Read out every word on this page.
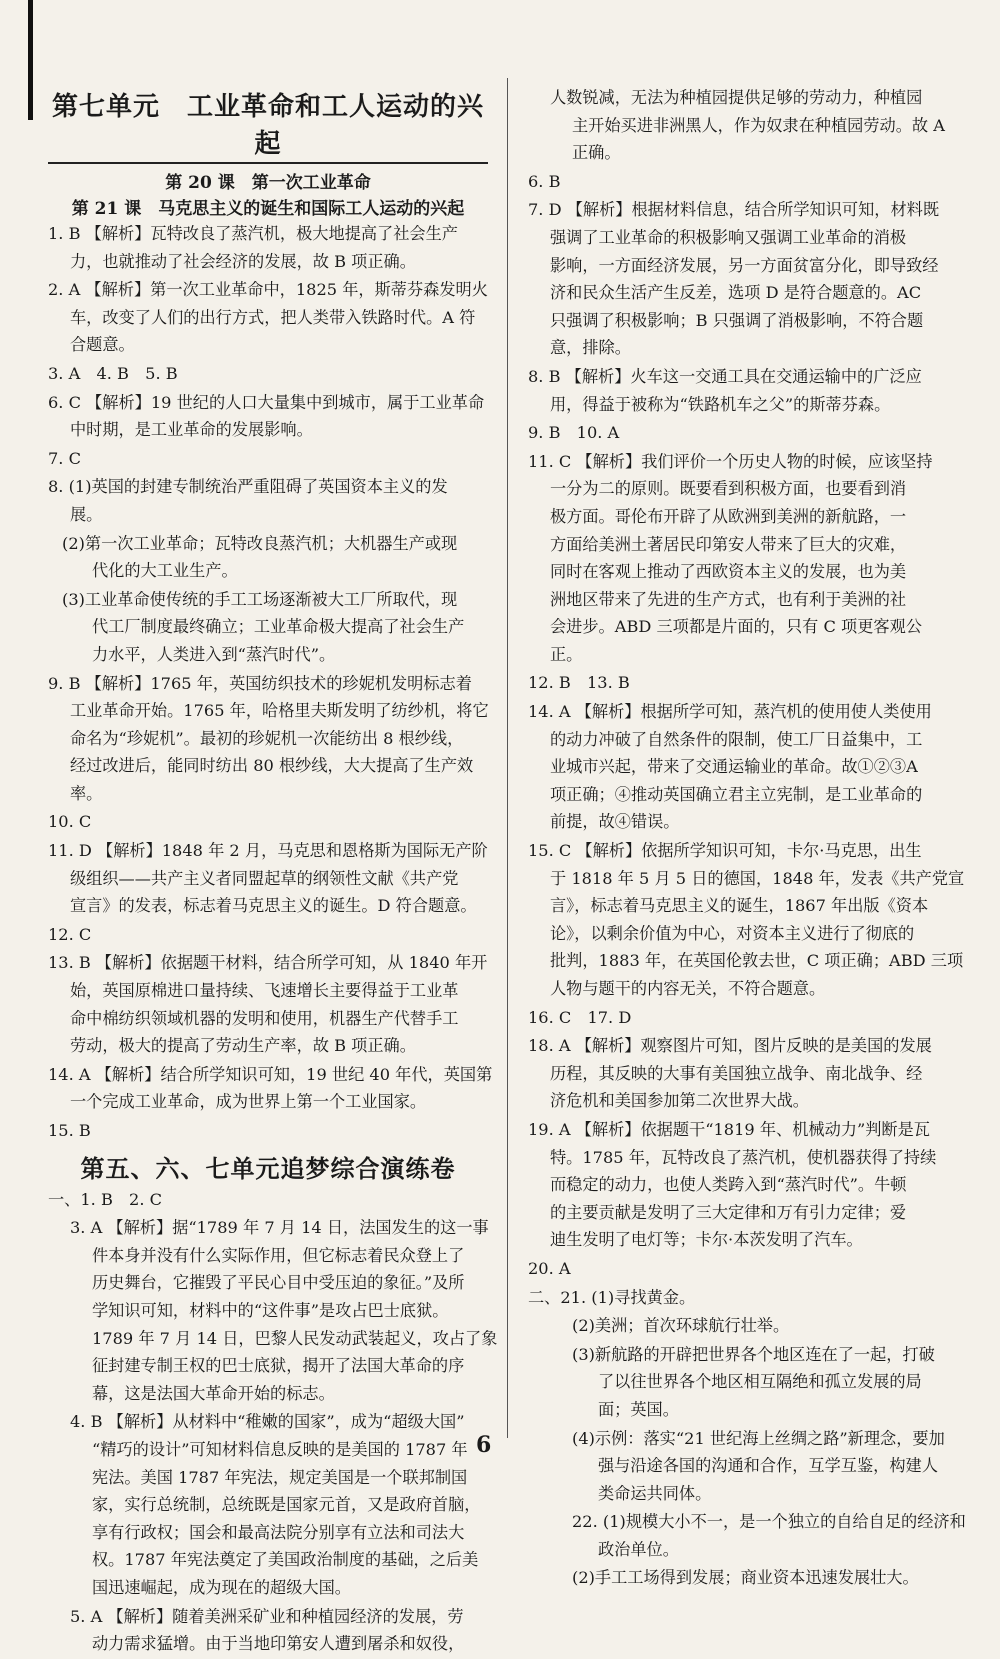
第七单元　工业革命和工人运动的兴起
第 20 课　第一次工业革命
第 21 课　马克思主义的诞生和国际工人运动的兴起
1. B 【解析】瓦特改良了蒸汽机，极大地提高了社会生产
力，也就推动了社会经济的发展，故 B 项正确。
2. A 【解析】第一次工业革命中，1825 年，斯蒂芬森发明火
车，改变了人们的出行方式，把人类带入铁路时代。A 符
合题意。
3. A　4. B　5. B
6. C 【解析】19 世纪的人口大量集中到城市，属于工业革命
中时期，是工业革命的发展影响。
7. C
8. (1)英国的封建专制统治严重阻碍了英国资本主义的发
展。
(2)第一次工业革命；瓦特改良蒸汽机；大机器生产或现
代化的大工业生产。
(3)工业革命使传统的手工工场逐渐被大工厂所取代，现
代工厂制度最终确立；工业革命极大提高了社会生产
力水平，人类进入到“蒸汽时代”。
9. B 【解析】1765 年，英国纺织技术的珍妮机发明标志着
工业革命开始。1765 年，哈格里夫斯发明了纺纱机，将它
命名为“珍妮机”。最初的珍妮机一次能纺出 8 根纱线，
经过改进后，能同时纺出 80 根纱线，大大提高了生产效
率。
10. C
11. D 【解析】1848 年 2 月，马克思和恩格斯为国际无产阶
级组织——共产主义者同盟起草的纲领性文献《共产党
宣言》的发表，标志着马克思主义的诞生。D 符合题意。
12. C
13. B 【解析】依据题干材料，结合所学可知，从 1840 年开
始，英国原棉进口量持续、飞速增长主要得益于工业革
命中棉纺织领域机器的发明和使用，机器生产代替手工
劳动，极大的提高了劳动生产率，故 B 项正确。
14. A 【解析】结合所学知识可知，19 世纪 40 年代，英国第
一个完成工业革命，成为世界上第一个工业国家。
15. B
第五、六、七单元追梦综合演练卷
一、1. B　2. C
3. A 【解析】据“1789 年 7 月 14 日，法国发生的这一事
件本身并没有什么实际作用，但它标志着民众登上了
历史舞台，它摧毁了平民心目中受压迫的象征。”及所
学知识可知，材料中的“这件事”是攻占巴士底狱。
1789 年 7 月 14 日，巴黎人民发动武装起义，攻占了象
征封建专制王权的巴士底狱，揭开了法国大革命的序
幕，这是法国大革命开始的标志。
4. B 【解析】从材料中“稚嫩的国家”，成为“超级大国”
“精巧的设计”可知材料信息反映的是美国的 1787 年
宪法。美国 1787 年宪法，规定美国是一个联邦制国
家，实行总统制，总统既是国家元首，又是政府首脑，
享有行政权；国会和最高法院分别享有立法和司法大
权。1787 年宪法奠定了美国政治制度的基础，之后美
国迅速崛起，成为现在的超级大国。
5. A 【解析】随着美洲采矿业和种植园经济的发展，劳
动力需求猛增。由于当地印第安人遭到屠杀和奴役，
人数锐减，无法为种植园提供足够的劳动力，种植园
主开始买进非洲黑人，作为奴隶在种植园劳动。故 A
正确。
6. B
7. D 【解析】根据材料信息，结合所学知识可知，材料既
强调了工业革命的积极影响又强调工业革命的消极
影响，一方面经济发展，另一方面贫富分化，即导致经
济和民众生活产生反差，选项 D 是符合题意的。AC
只强调了积极影响；B 只强调了消极影响，不符合题
意，排除。
8. B 【解析】火车这一交通工具在交通运输中的广泛应
用，得益于被称为“铁路机车之父”的斯蒂芬森。
9. B　10. A
11. C 【解析】我们评价一个历史人物的时候，应该坚持
一分为二的原则。既要看到积极方面，也要看到消
极方面。哥伦布开辟了从欧洲到美洲的新航路，一
方面给美洲土著居民印第安人带来了巨大的灾难，
同时在客观上推动了西欧资本主义的发展，也为美
洲地区带来了先进的生产方式，也有利于美洲的社
会进步。ABD 三项都是片面的，只有 C 项更客观公
正。
12. B　13. B
14. A 【解析】根据所学可知，蒸汽机的使用使人类使用
的动力冲破了自然条件的限制，使工厂日益集中，工
业城市兴起，带来了交通运输业的革命。故①②③A
项正确；④推动英国确立君主立宪制，是工业革命的
前提，故④错误。
15. C 【解析】依据所学知识可知，卡尔·马克思，出生
于 1818 年 5 月 5 日的德国，1848 年，发表《共产党宣
言》，标志着马克思主义的诞生，1867 年出版《资本
论》，以剩余价值为中心，对资本主义进行了彻底的
批判，1883 年，在英国伦敦去世，C 项正确；ABD 三项
人物与题干的内容无关，不符合题意。
16. C　17. D
18. A 【解析】观察图片可知，图片反映的是美国的发展
历程，其反映的大事有美国独立战争、南北战争、经
济危机和美国参加第二次世界大战。
19. A 【解析】依据题干“1819 年、机械动力”判断是瓦
特。1785 年，瓦特改良了蒸汽机，使机器获得了持续
而稳定的动力，也使人类跨入到“蒸汽时代”。牛顿
的主要贡献是发明了三大定律和万有引力定律；爱
迪生发明了电灯等；卡尔·本茨发明了汽车。
20. A
二、21. (1)寻找黄金。
(2)美洲；首次环球航行壮举。
(3)新航路的开辟把世界各个地区连在了一起，打破
了以往世界各个地区相互隔绝和孤立发展的局
面；英国。
(4)示例：落实“21 世纪海上丝绸之路”新理念，要加
强与沿途各国的沟通和合作，互学互鉴，构建人
类命运共同体。
22. (1)规模大小不一，是一个独立的自给自足的经济和
政治单位。
(2)手工工场得到发展；商业资本迅速发展壮大。
6
